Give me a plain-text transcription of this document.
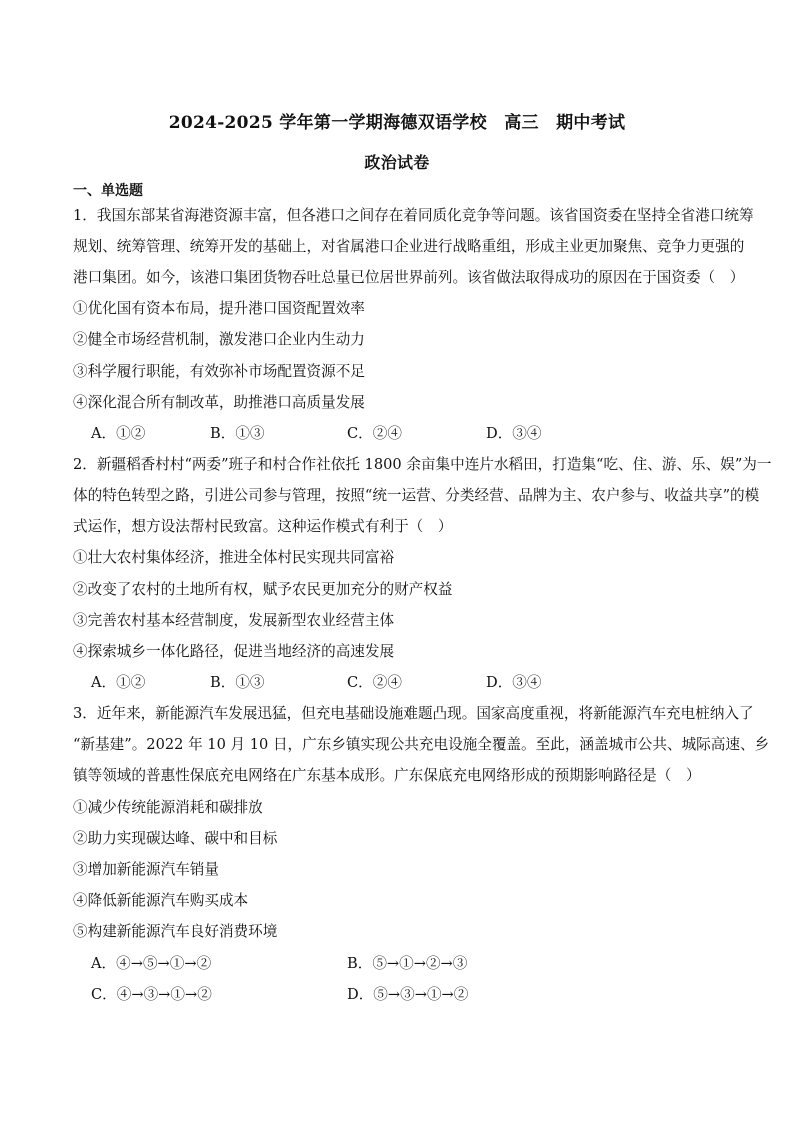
2024-2025 学年第一学期海德双语学校　高三　期中考试
政治试卷
一、单选题
1．我国东部某省海港资源丰富，但各港口之间存在着同质化竞争等问题。该省国资委在坚持全省港口统筹
规划、统筹管理、统筹开发的基础上，对省属港口企业进行战略重组，形成主业更加聚焦、竞争力更强的
港口集团。如今，该港口集团货物吞吐总量已位居世界前列。该省做法取得成功的原因在于国资委（　）
①优化国有资本布局，提升港口国资配置效率
②健全市场经营机制，激发港口企业内生动力
③科学履行职能，有效弥补市场配置资源不足
④深化混合所有制改革，助推港口高质量发展
A．①②	B．①③	C．②④	D．③④
2．新疆稻香村村“两委”班子和村合作社依托 1800 余亩集中连片水稻田，打造集“吃、住、游、乐、娱”为一
体的特色转型之路，引进公司参与管理，按照“统一运营、分类经营、品牌为主、农户参与、收益共享”的模
式运作，想方设法帮村民致富。这种运作模式有利于（　）
①壮大农村集体经济，推进全体村民实现共同富裕
②改变了农村的土地所有权，赋予农民更加充分的财产权益
③完善农村基本经营制度，发展新型农业经营主体
④探索城乡一体化路径，促进当地经济的高速发展
A．①②	B．①③	C．②④	D．③④
3．近年来，新能源汽车发展迅猛，但充电基础设施难题凸现。国家高度重视，将新能源汽车充电桩纳入了
“新基建”。2022 年 10 月 10 日，广东乡镇实现公共充电设施全覆盖。至此，涵盖城市公共、城际高速、乡
镇等领域的普惠性保底充电网络在广东基本成形。广东保底充电网络形成的预期影响路径是（　）
①减少传统能源消耗和碳排放
②助力实现碳达峰、碳中和目标
③增加新能源汽车销量
④降低新能源汽车购买成本
⑤构建新能源汽车良好消费环境
A．④→⑤→①→②	B．⑤→①→②→③
C．④→③→①→②	D．⑤→③→①→②
